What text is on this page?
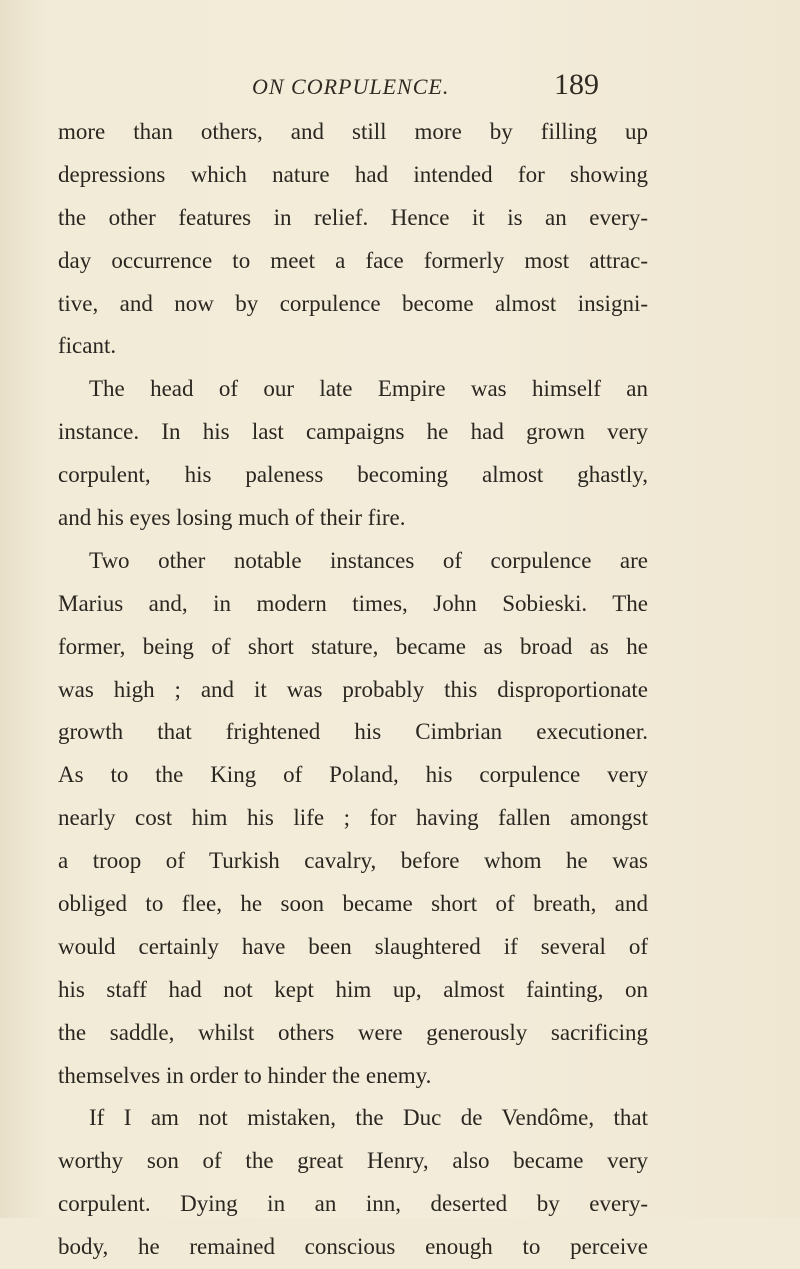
ON CORPULENCE.	189
more than others, and still more by filling up
depressions which nature had intended for showing
the other features in relief. Hence it is an every-
day occurrence to meet a face formerly most attrac-
tive, and now by corpulence become almost insigni-
ficant.
The head of our late Empire was himself an
instance. In his last campaigns he had grown very
corpulent, his paleness becoming almost ghastly,
and his eyes losing much of their fire.
Two other notable instances of corpulence are
Marius and, in modern times, John Sobieski. The
former, being of short stature, became as broad as he
was high ; and it was probably this disproportionate
growth that frightened his Cimbrian executioner.
As to the King of Poland, his corpulence very
nearly cost him his life ; for having fallen amongst
a troop of Turkish cavalry, before whom he was
obliged to flee, he soon became short of breath, and
would certainly have been slaughtered if several of
his staff had not kept him up, almost fainting, on
the saddle, whilst others were generously sacrificing
themselves in order to hinder the enemy.
If I am not mistaken, the Duc de Vendôme, that
worthy son of the great Henry, also became very
corpulent. Dying in an inn, deserted by every-
body, he remained conscious enough to perceive
